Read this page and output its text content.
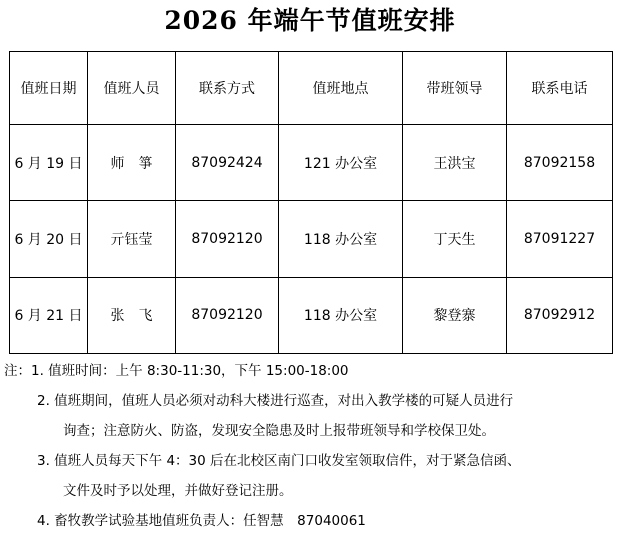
2026 年端午节值班安排
值班日期	值班人员	联系方式	值班地点	带班领导	联系电话
6 月 19 日	师　箏	87092424	121 办公室	王洪宝	87092158
6 月 20 日	亓钰莹	87092120	118 办公室	丁天生	87091227
6 月 21 日	张　飞	87092120	118 办公室	黎登寨	87092912
注：1. 值班时间：上午 8:30-11:30，下午 15:00-18:00
2. 值班期间，值班人员必须对动科大楼进行巡查，对出入教学楼的可疑人员进行
询查；注意防火、防盗，发现安全隐患及时上报带班领导和学校保卫处。
3. 值班人员每天下午 4：30 后在北校区南门口收发室领取信件，对于紧急信函、
文件及时予以处理，并做好登记注册。
4. 畜牧教学试验基地值班负责人：任智慧　87040061
